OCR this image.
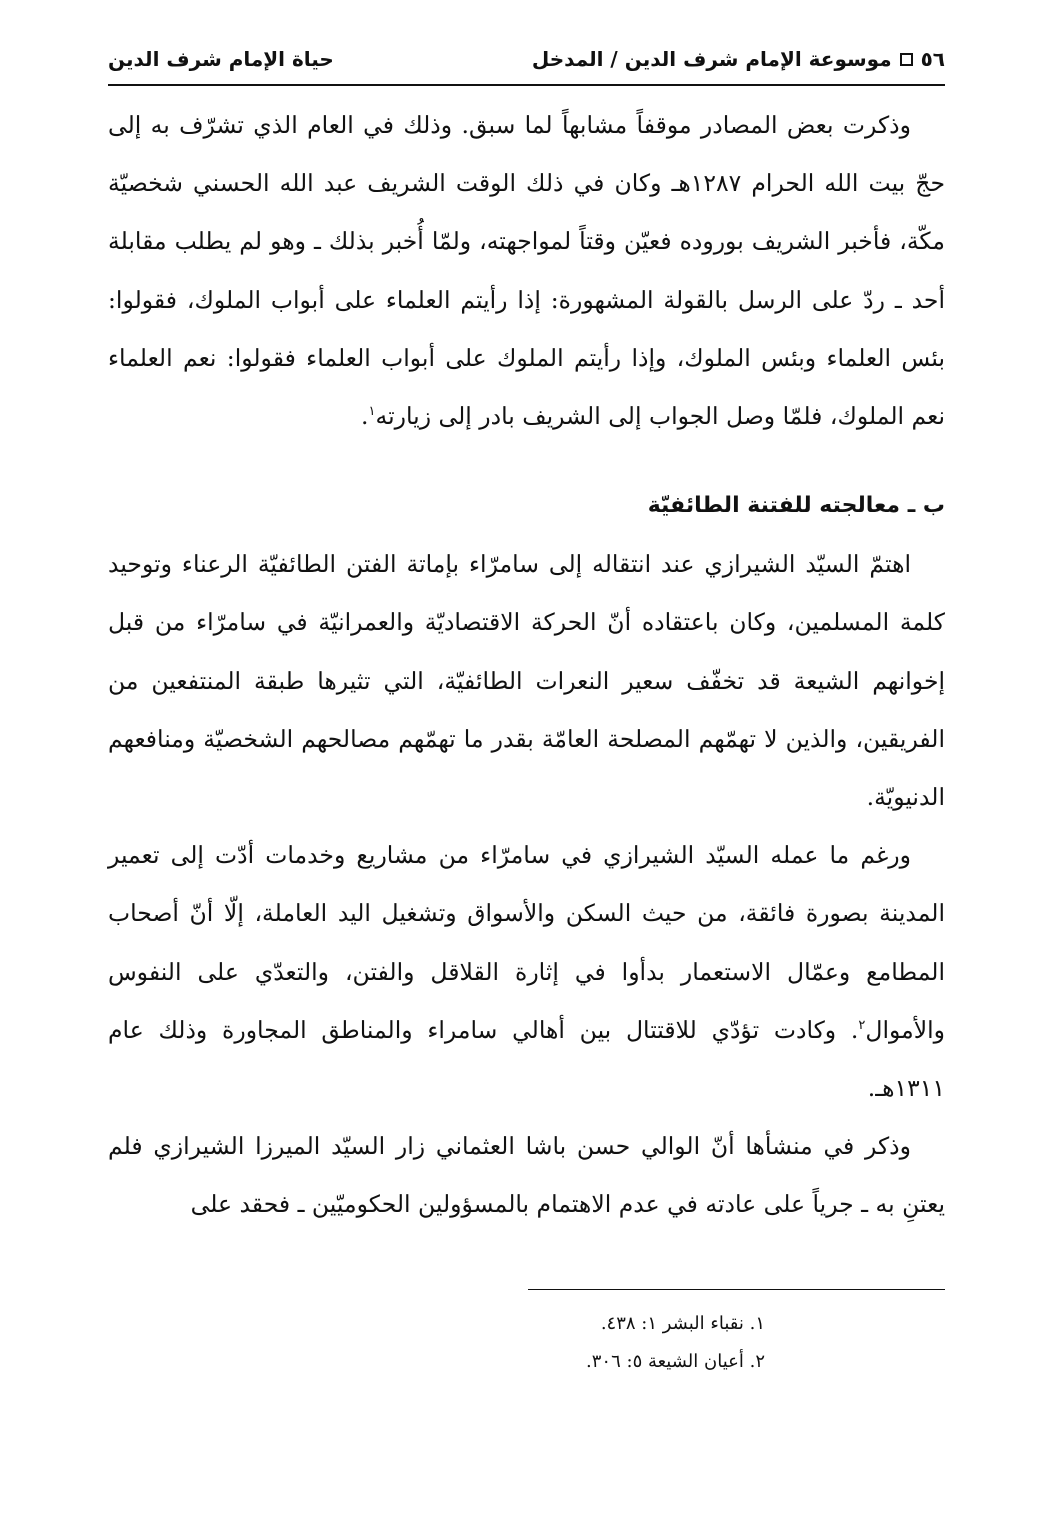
٥٦
موسوعة الإمام شرف الدين / المدخل
حياة الإمام شرف الدين

وذكرت بعض المصادر موقفاً مشابهاً لما سبق. وذلك في العام الذي تشرّف به إلى حجّ بيت الله الحرام ١٢٨٧هـ وكان في ذلك الوقت الشريف عبد الله الحسني شخصيّة مكّة، فأخبر الشريف بوروده فعيّن وقتاً لمواجهته، ولمّا أُخبر بذلك ـ وهو لم يطلب مقابلة أحد ـ ردّ على الرسل بالقولة المشهورة: إذا رأيتم العلماء على أبواب الملوك، فقولوا: بئس العلماء وبئس الملوك، وإذا رأيتم الملوك على أبواب العلماء فقولوا: نعم العلماء نعم الملوك، فلمّا وصل الجواب إلى الشريف بادر إلى زيارته$^١$.

ب ـ معالجته للفتنة الطائفيّة

اهتمّ السيّد الشيرازي عند انتقاله إلى سامرّاء بإماتة الفتن الطائفيّة الرعناء وتوحيد كلمة المسلمين، وكان باعتقاده أنّ الحركة الاقتصاديّة والعمرانيّة في سامرّاء من قبل إخوانهم الشيعة قد تخفّف سعير النعرات الطائفيّة، التي تثيرها طبقة المنتفعين من الفريقين، والذين لا تهمّهم المصلحة العامّة بقدر ما تهمّهم مصالحهم الشخصيّة ومنافعهم الدنيويّة.

ورغم ما عمله السيّد الشيرازي في سامرّاء من مشاريع وخدمات أدّت إلى تعمير المدينة بصورة فائقة، من حيث السكن والأسواق وتشغيل اليد العاملة، إلّا أنّ أصحاب المطامع وعمّال الاستعمار بدأوا في إثارة القلاقل والفتن، والتعدّي على النفوس والأموال$^٢$. وكادت تؤدّي للاقتتال بين أهالي سامراء والمناطق المجاورة وذلك عام ١٣١١هـ.

وذكر في منشأها أنّ الوالي حسن باشا العثماني زار السيّد الميرزا الشيرازي فلم يعتنِ به ـ جرياً على عادته في عدم الاهتمام بالمسؤولين الحكوميّين ـ فحقد على

١. نقباء البشر ١: ٤٣٨.
٢. أعيان الشيعة ٥: ٣٠٦.
